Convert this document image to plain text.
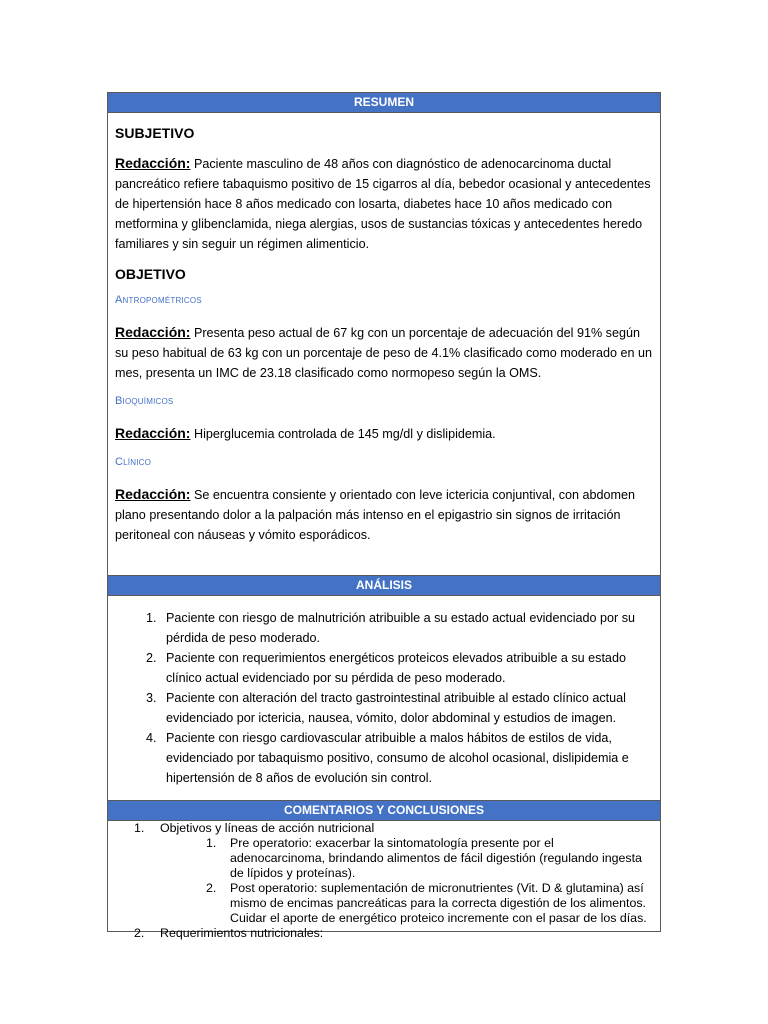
RESUMEN
SUBJETIVO
Redacción: Paciente masculino de 48 años con diagnóstico de adenocarcinoma ductal pancreático refiere tabaquismo positivo de 15 cigarros al día, bebedor ocasional y antecedentes de hipertensión hace 8 años medicado con losarta, diabetes hace 10 años medicado con metformina y glibenclamida, niega alergias, usos de sustancias tóxicas y antecedentes heredo familiares y sin seguir un régimen alimenticio.
OBJETIVO
Antropométricos
Redacción: Presenta peso actual de 67 kg con un porcentaje de adecuación del 91% según su peso habitual de 63 kg con un porcentaje de peso de 4.1% clasificado como moderado en un mes, presenta un IMC de 23.18 clasificado como normopeso según la OMS.
Bioquímicos
Redacción: Hiperglucemia controlada de 145 mg/dl y dislipidemia.
Clínico
Redacción: Se encuentra consiente y orientado con leve ictericia conjuntival, con abdomen plano presentando dolor a la palpación más intenso en el epigastrio sin signos de irritación peritoneal con náuseas y vómito esporádicos.
ANÁLISIS
1. Paciente con riesgo de malnutrición atribuible a su estado actual evidenciado por su pérdida de peso moderado.
2. Paciente con requerimientos energéticos proteicos elevados atribuible a su estado clínico actual evidenciado por su pérdida de peso moderado.
3. Paciente con alteración del tracto gastrointestinal atribuible al estado clínico actual evidenciado por ictericia, nausea, vómito, dolor abdominal y estudios de imagen.
4. Paciente con riesgo cardiovascular atribuible a malos hábitos de estilos de vida, evidenciado por tabaquismo positivo, consumo de alcohol ocasional, dislipidemia e hipertensión de 8 años de evolución sin control.
COMENTARIOS Y CONCLUSIONES
1. Objetivos y líneas de acción nutricional
1. Pre operatorio: exacerbar la sintomatología presente por el adenocarcinoma, brindando alimentos de fácil digestión (regulando ingesta de lípidos y proteínas).
2. Post operatorio: suplementación de micronutrientes (Vit. D & glutamina) así mismo de encimas pancreáticas para la correcta digestión de los alimentos. Cuidar el aporte de energético proteico incremente con el pasar de los días.
2. Requerimientos nutricionales:
